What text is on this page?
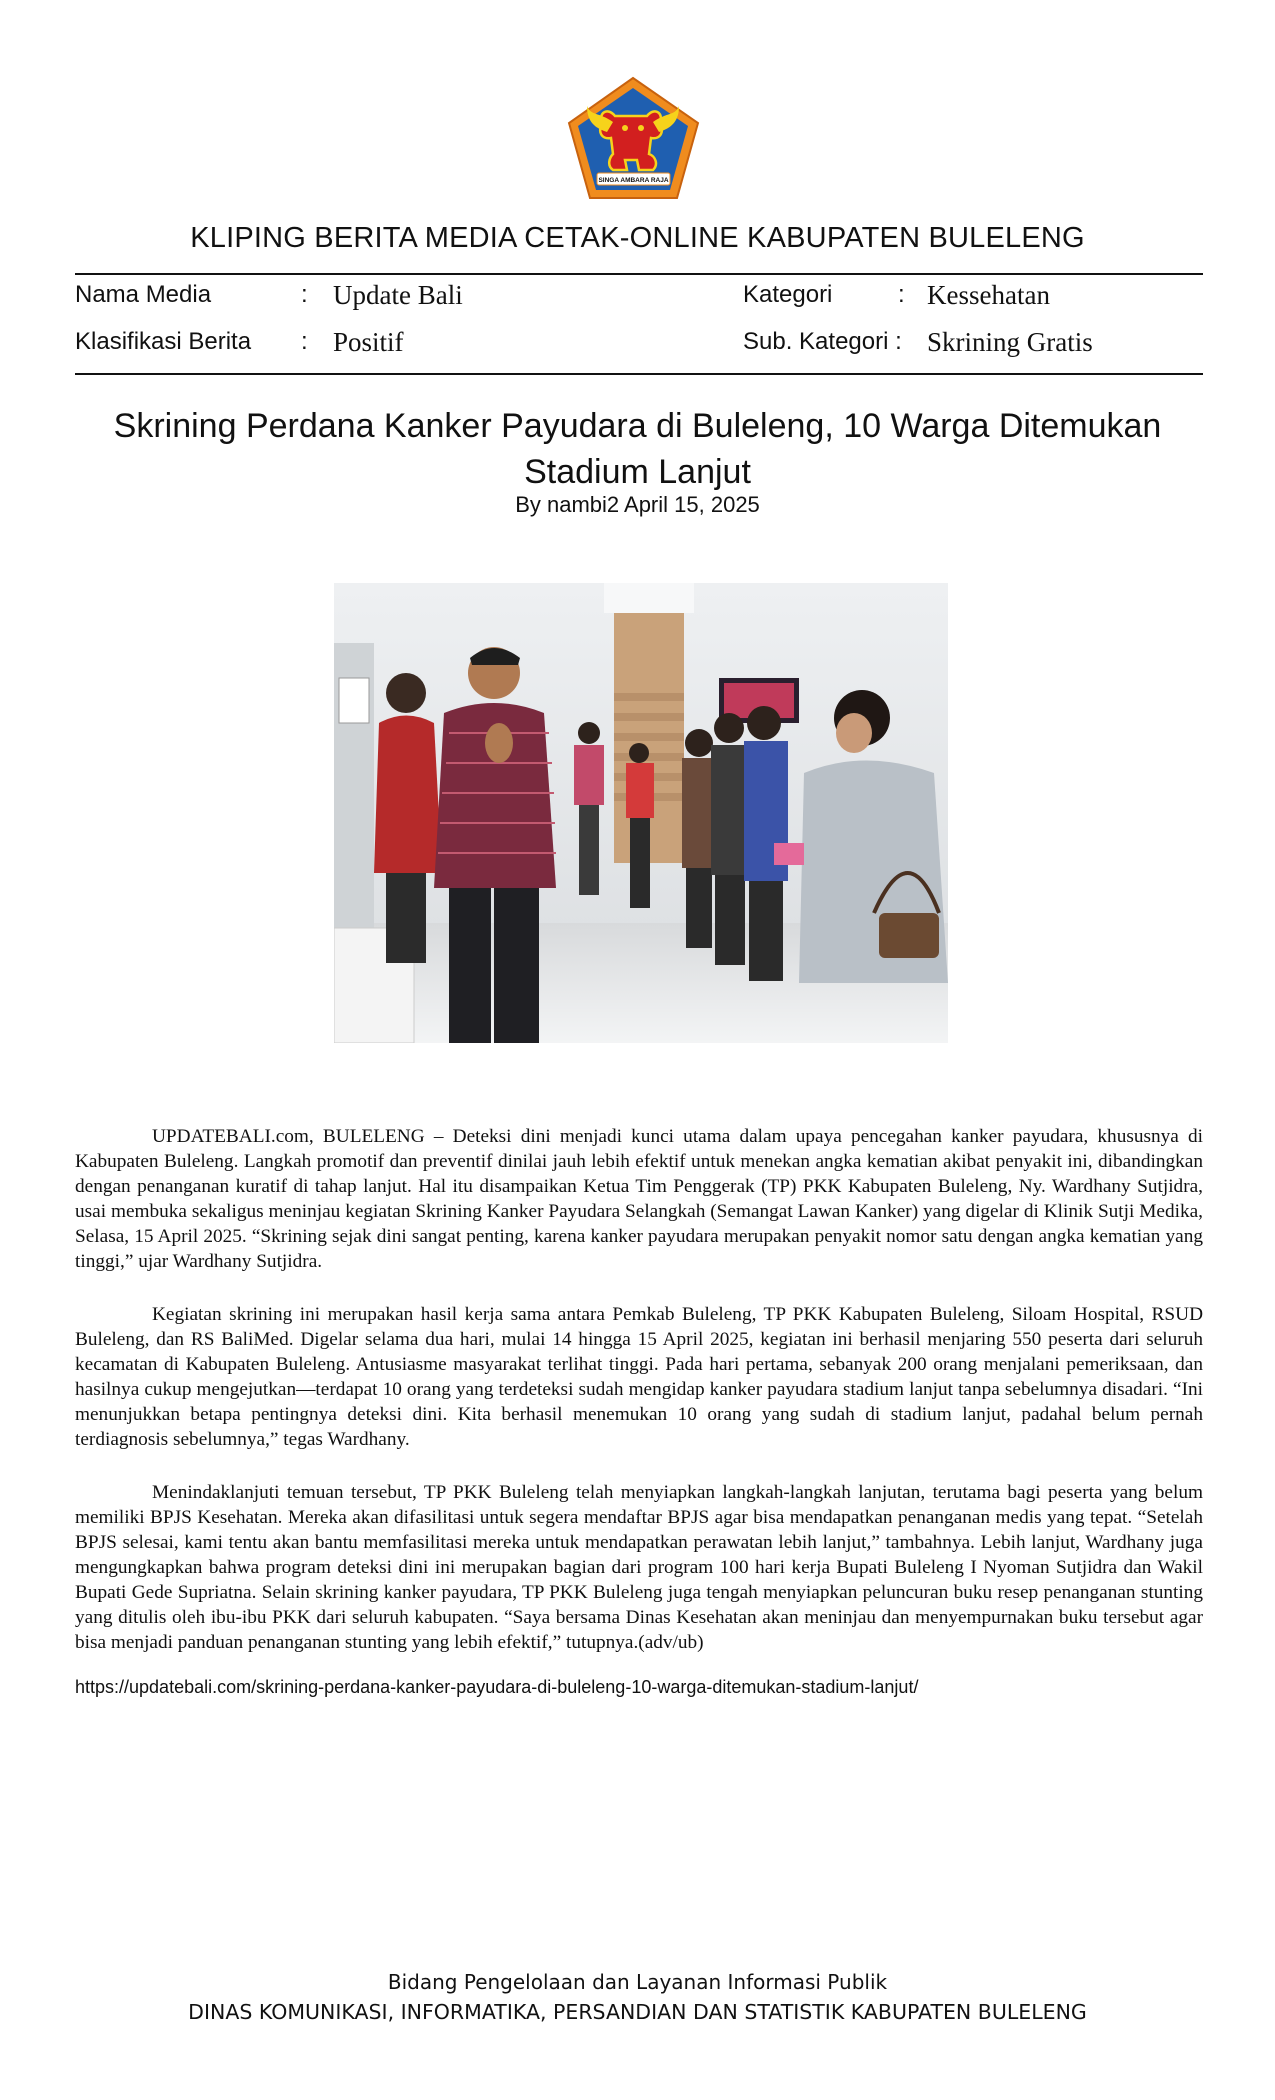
SINGA AMBARA RAJA
KLIPING BERITA MEDIA CETAK-ONLINE KABUPATEN BULELENG
Nama Media	: Update Bali	Kategori	: Kessehatan
Klasifikasi Berita : Positif	Sub. Kategori : Skrining Gratis
Skrining Perdana Kanker Payudara di Buleleng, 10 Warga Ditemukan Stadium Lanjut
By nambi2 April 15, 2025

UPDATEBALI.com, BULELENG – Deteksi dini menjadi kunci utama dalam upaya pencegahan kanker payudara, khususnya di Kabupaten Buleleng. Langkah promotif dan preventif dinilai jauh lebih efektif untuk menekan angka kematian akibat penyakit ini, dibandingkan dengan penanganan kuratif di tahap lanjut. Hal itu disampaikan Ketua Tim Penggerak (TP) PKK Kabupaten Buleleng, Ny. Wardhany Sutjidra, usai membuka sekaligus meninjau kegiatan Skrining Kanker Payudara Selangkah (Semangat Lawan Kanker) yang digelar di Klinik Sutji Medika, Selasa, 15 April 2025. “Skrining sejak dini sangat penting, karena kanker payudara merupakan penyakit nomor satu dengan angka kematian yang tinggi,” ujar Wardhany Sutjidra.

Kegiatan skrining ini merupakan hasil kerja sama antara Pemkab Buleleng, TP PKK Kabupaten Buleleng, Siloam Hospital, RSUD Buleleng, dan RS BaliMed. Digelar selama dua hari, mulai 14 hingga 15 April 2025, kegiatan ini berhasil menjaring 550 peserta dari seluruh kecamatan di Kabupaten Buleleng. Antusiasme masyarakat terlihat tinggi. Pada hari pertama, sebanyak 200 orang menjalani pemeriksaan, dan hasilnya cukup mengejutkan—terdapat 10 orang yang terdeteksi sudah mengidap kanker payudara stadium lanjut tanpa sebelumnya disadari. “Ini menunjukkan betapa pentingnya deteksi dini. Kita berhasil menemukan 10 orang yang sudah di stadium lanjut, padahal belum pernah terdiagnosis sebelumnya,” tegas Wardhany.

Menindaklanjuti temuan tersebut, TP PKK Buleleng telah menyiapkan langkah-langkah lanjutan, terutama bagi peserta yang belum memiliki BPJS Kesehatan. Mereka akan difasilitasi untuk segera mendaftar BPJS agar bisa mendapatkan penanganan medis yang tepat. “Setelah BPJS selesai, kami tentu akan bantu memfasilitasi mereka untuk mendapatkan perawatan lebih lanjut,” tambahnya. Lebih lanjut, Wardhany juga mengungkapkan bahwa program deteksi dini ini merupakan bagian dari program 100 hari kerja Bupati Buleleng I Nyoman Sutjidra dan Wakil Bupati Gede Supriatna. Selain skrining kanker payudara, TP PKK Buleleng juga tengah menyiapkan peluncuran buku resep penanganan stunting yang ditulis oleh ibu-ibu PKK dari seluruh kabupaten. “Saya bersama Dinas Kesehatan akan meninjau dan menyempurnakan buku tersebut agar bisa menjadi panduan penanganan stunting yang lebih efektif,” tutupnya.(adv/ub)

https://updatebali.com/skrining-perdana-kanker-payudara-di-buleleng-10-warga-ditemukan-stadium-lanjut/
Bidang Pengelolaan dan Layanan Informasi Publik
DINAS KOMUNIKASI, INFORMATIKA, PERSANDIAN DAN STATISTIK KABUPATEN BULELENG
